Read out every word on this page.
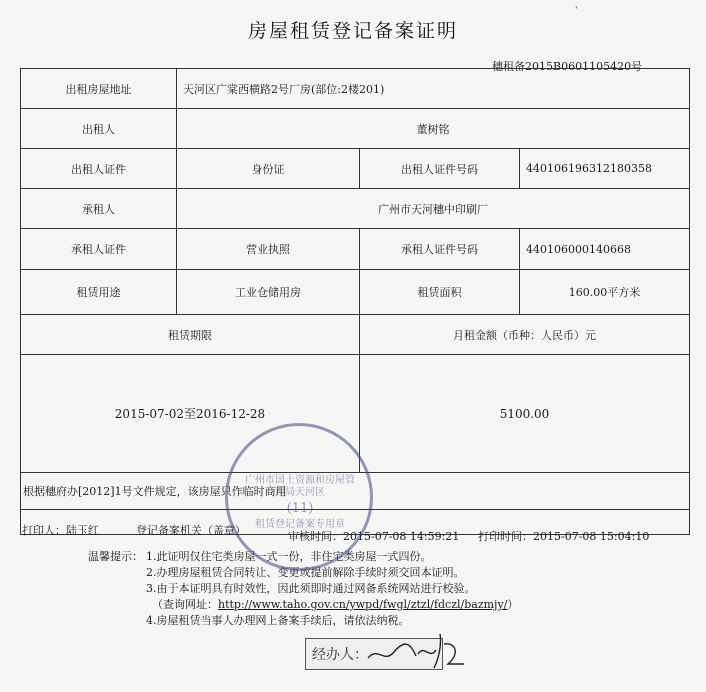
'
房屋租赁登记备案证明
穗租备2015B0601105420号
出租房屋地址	天河区广棠西横路2号厂房(部位:2楼201)
出租人	董树铭
出租人证件	身份证	出租人证件号码	440106196312180358
承租人	广州市天河穗中印刷厂
承租人证件	营业执照	承租人证件号码	440106000140668
租赁用途	工业仓储用房	租赁面积	160.00平方米
租赁期限	月租金额（币种：人民币）元
2015-07-02至2016-12-28	5100.00
根据穗府办[2012]1号文件规定，该房屋只作临时商用
打印人：陆玉红	登记备案机关（盖章）	审核时间：2015-07-08 14:59:21 打印时间：2015-07-08 15:04:10
温馨提示： 1.此证明仅住宅类房屋一式一份，非住宅类房屋一式四份。
2.办理房屋租赁合同转让、变更或提前解除手续时须交回本证明。
3.由于本证明具有时效性，因此须即时通过网备系统网站进行校验。
（查询网址：http://www.taho.gov.cn/ywpd/fwgl/ztzl/fdczl/bazmjy/）
4.房屋租赁当事人办理网上备案手续后，请依法纳税。
广州市国土资源和房屋管理局天河区
(11)
租赁登记备案专用章
经办人：
